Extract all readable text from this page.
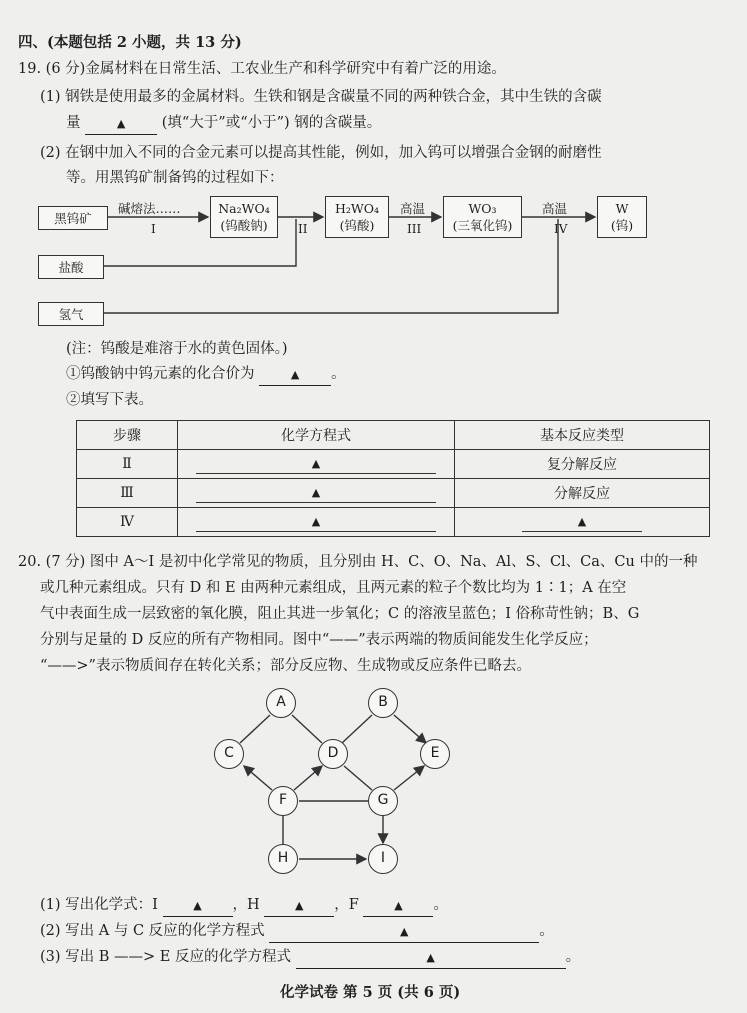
四、(本题包括 2 小题，共 13 分)
19. (6 分)金属材料在日常生活、工农业生产和科学研究中有着广泛的用途。
(1) 钢铁是使用最多的金属材料。生铁和钢是含碳量不同的两种铁合金，其中生铁的含碳
量	▲	(填“大于”或“小于”) 钢的含碳量。
(2) 在钢中加入不同的合金元素可以提高其性能，例如，加入钨可以增强合金钢的耐磨性
等。用黑钨矿制备钨的过程如下：
黑钨矿
盐酸
氢气
Na₂WO₄
(钨酸钠)
H₂WO₄
(钨酸)
WO₃
(三氧化钨)
W
(钨)
碱熔法……
I	II
高温
III
高温
IV
(注：钨酸是难溶于水的黄色固体。)
①钨酸钠中钨元素的化合价为	▲ 。
②填写下表。
步骤	化学方程式	基本反应类型
Ⅱ	▲	复分解反应
Ⅲ	▲	分解反应
Ⅳ	▲	▲
20. (7 分) 图中 A～I 是初中化学常见的物质，且分别由 H、C、O、Na、Al、S、Cl、Ca、Cu 中的一种
或几种元素组成。只有 D 和 E 由两种元素组成，且两元素的粒子个数比均为 1∶1；A 在空
气中表面生成一层致密的氧化膜，阻止其进一步氧化；C 的溶液呈蓝色；I 俗称苛性钠；B、G
分别与足量的 D 反应的所有产物相同。图中“——”表示两端的物质间能发生化学反应；
“——>”表示物质间存在转化关系；部分反应物、生成物或反应条件已略去。
A	B
C	D	E
F	G
H	I
(1) 写出化学式：I	▲ ，H	▲ ，F	▲ 。
(2) 写出 A 与 C 反应的化学方程式	▲	。
(3) 写出 B ——> E 反应的化学方程式	▲	。
化学试卷 第 5 页 (共 6 页)
